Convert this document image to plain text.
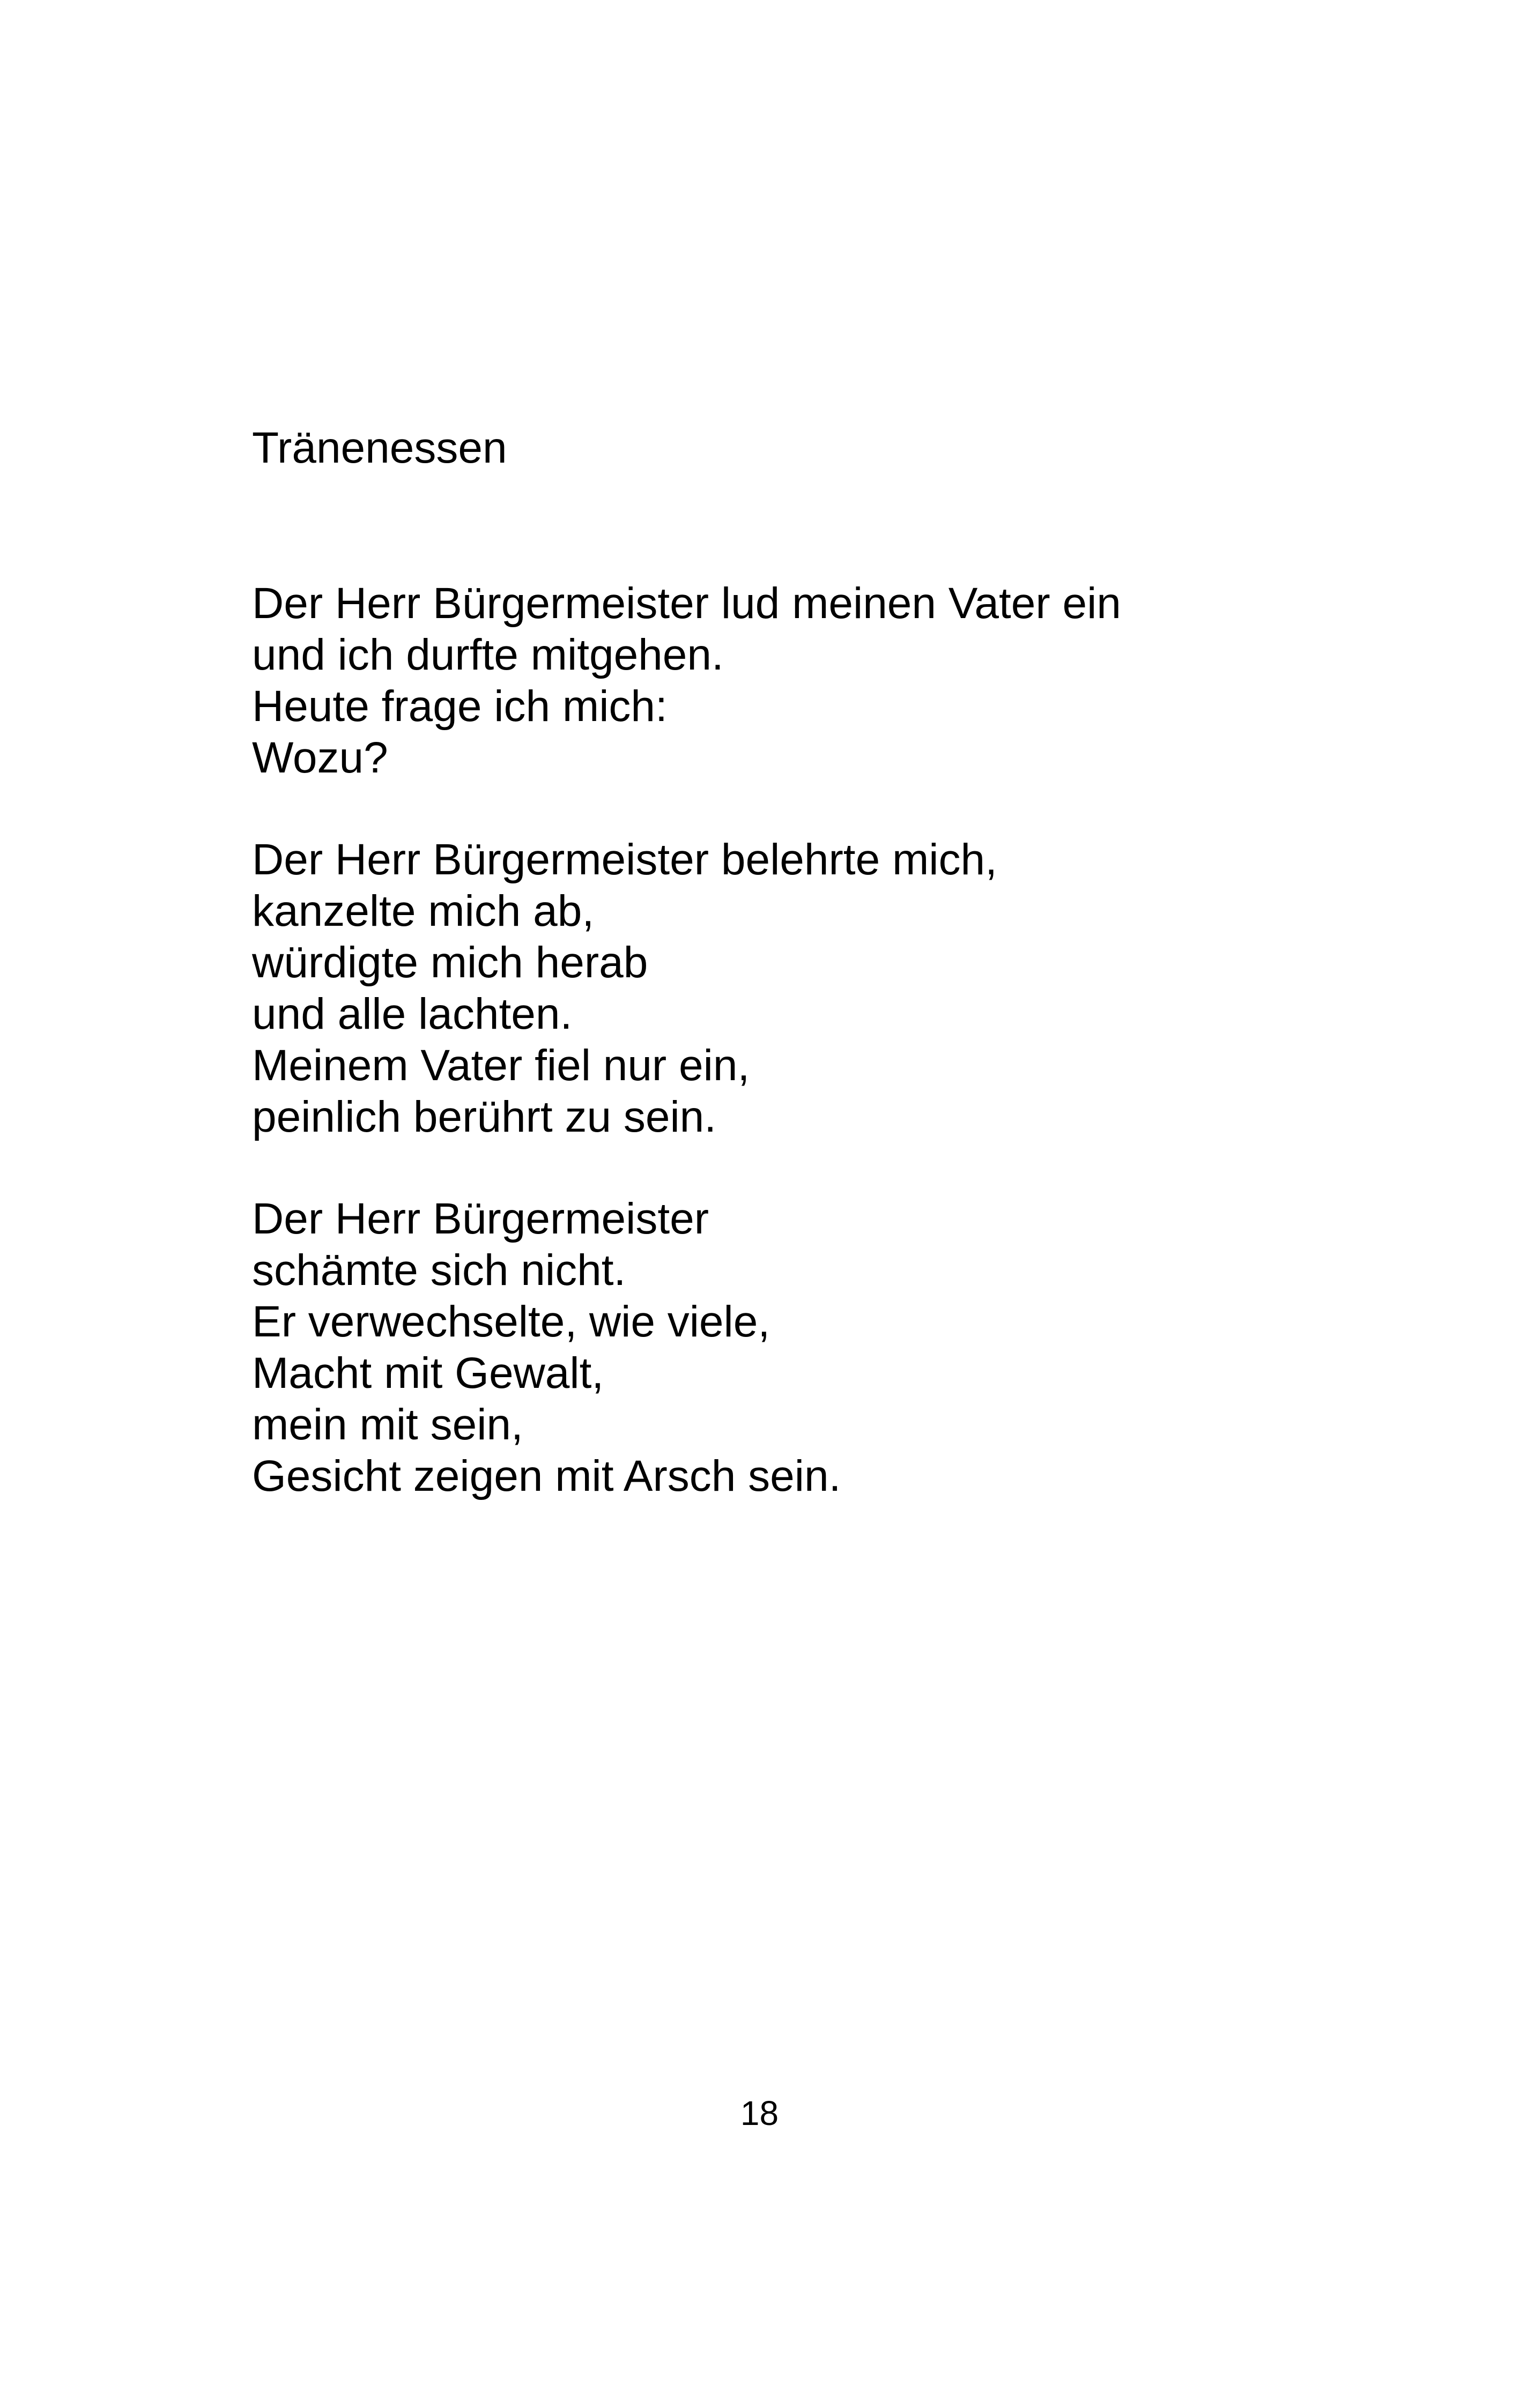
Tränenessen

Der Herr Bürgermeister lud meinen Vater ein
und ich durfte mitgehen.
Heute frage ich mich:
Wozu?

Der Herr Bürgermeister belehrte mich,
kanzelte mich ab,
würdigte mich herab
und alle lachten.
Meinem Vater fiel nur ein,
peinlich berührt zu sein.

Der Herr Bürgermeister
schämte sich nicht.
Er verwechselte, wie viele,
Macht mit Gewalt,
mein mit sein,
Gesicht zeigen mit Arsch sein.

18
